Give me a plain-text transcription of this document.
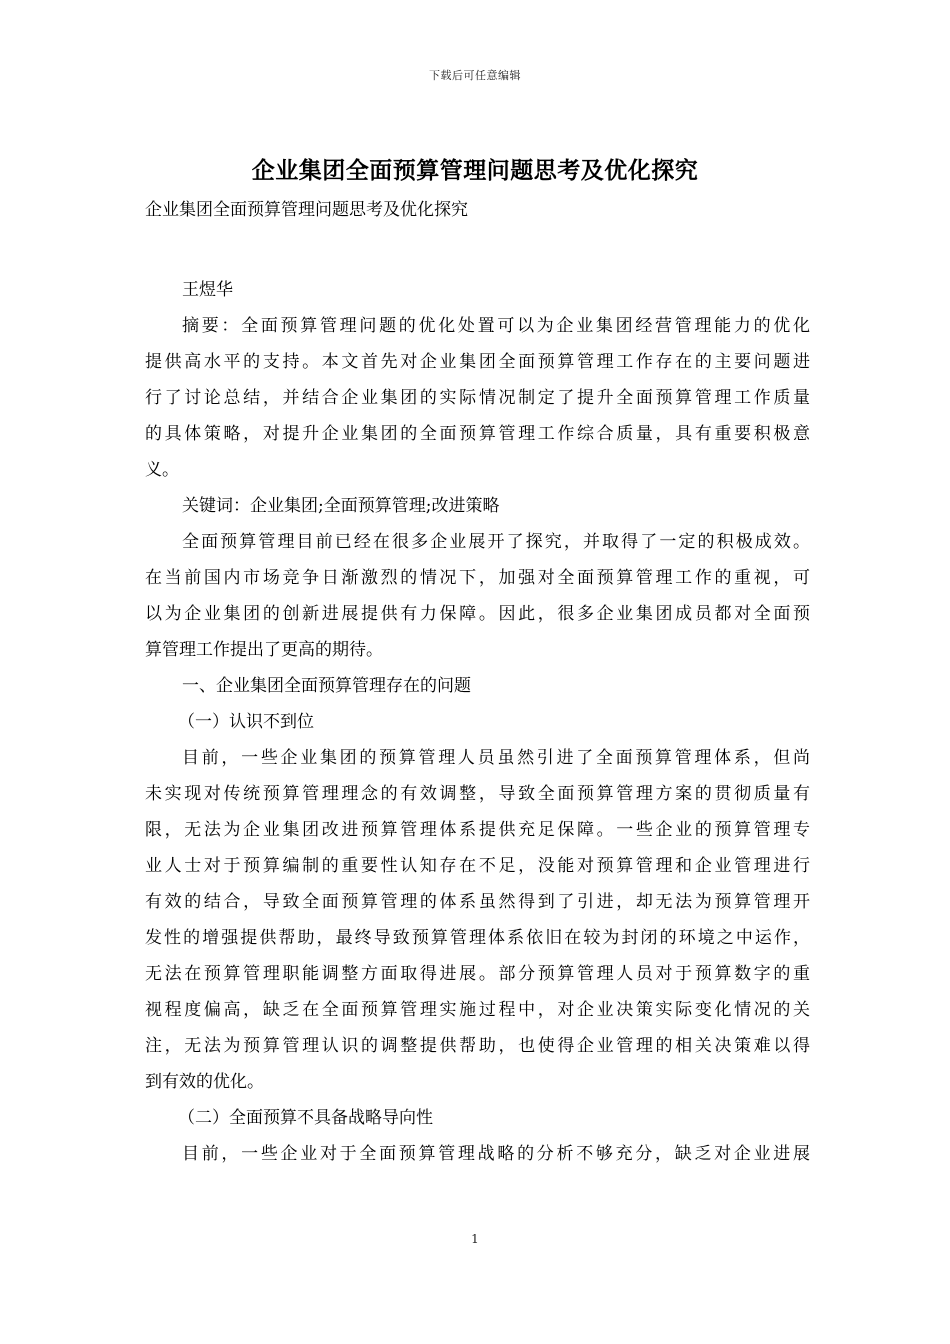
下载后可任意编辑
企业集团全面预算管理问题思考及优化探究
企业集团全面预算管理问题思考及优化探究
王煜华
摘要：全面预算管理问题的优化处置可以为企业集团经营管理能力的优化
提供高水平的支持。本文首先对企业集团全面预算管理工作存在的主要问题进
行了讨论总结，并结合企业集团的实际情况制定了提升全面预算管理工作质量
的具体策略，对提升企业集团的全面预算管理工作综合质量，具有重要积极意
义。
关键词：企业集团;全面预算管理;改进策略
全面预算管理目前已经在很多企业展开了探究，并取得了一定的积极成效。
在当前国内市场竞争日渐激烈的情况下，加强对全面预算管理工作的重视，可
以为企业集团的创新进展提供有力保障。因此，很多企业集团成员都对全面预
算管理工作提出了更高的期待。
一、企业集团全面预算管理存在的问题
（一）认识不到位
目前，一些企业集团的预算管理人员虽然引进了全面预算管理体系，但尚
未实现对传统预算管理理念的有效调整，导致全面预算管理方案的贯彻质量有
限，无法为企业集团改进预算管理体系提供充足保障。一些企业的预算管理专
业人士对于预算编制的重要性认知存在不足，没能对预算管理和企业管理进行
有效的结合，导致全面预算管理的体系虽然得到了引进，却无法为预算管理开
发性的增强提供帮助，最终导致预算管理体系依旧在较为封闭的环境之中运作，
无法在预算管理职能调整方面取得进展。部分预算管理人员对于预算数字的重
视程度偏高，缺乏在全面预算管理实施过程中，对企业决策实际变化情况的关
注，无法为预算管理认识的调整提供帮助，也使得企业管理的相关决策难以得
到有效的优化。
（二）全面预算不具备战略导向性
目前，一些企业对于全面预算管理战略的分析不够充分，缺乏对企业进展
1
